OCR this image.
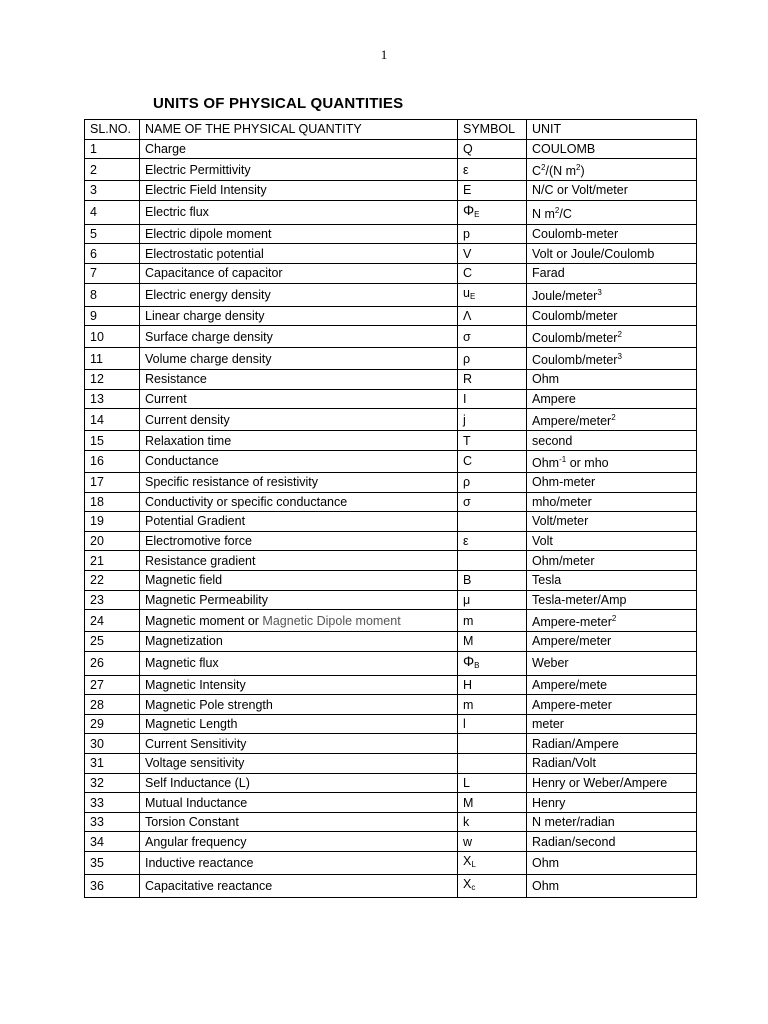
1
UNITS OF PHYSICAL QUANTITIES
SL.NO.	NAME OF THE PHYSICAL QUANTITY	SYMBOL	UNIT
1	Charge	Q	COULOMB
2	Electric Permittivity	ε	$C^2/(N$ $m^2$)
3	Electric Field Intensity	E	N/C or Volt/meter
4	Electric flux	$\Phi_E$	N $m^2/C$
5	Electric dipole moment	p	Coulomb-meter
6	Electrostatic potential	V	Volt or Joule/Coulomb
7	Capacitance of capacitor	C	Farad
8	Electric energy density	$u_E$	Joule/meter$^3$
9	Linear charge density	Λ	Coulomb/meter
10	Surface charge density	σ	Coulomb/meter$^2$
11	Volume charge density	ρ	Coulomb/meter$^3$
12	Resistance	R	Ohm
13	Current	I	Ampere
14	Current density	j	Ampere/meter$^2$
15	Relaxation time	T	second
16	Conductance	C	Ohm$^{-1}$ or mho
17	Specific resistance of resistivity	ρ	Ohm-meter
18	Conductivity or specific conductance	σ	mho/meter
19	Potential Gradient		Volt/meter
20	Electromotive force	ε	Volt
21	Resistance gradient		Ohm/meter
22	Magnetic field	B	Tesla
23	Magnetic Permeability	μ	Tesla-meter/Amp
24	Magnetic moment or Magnetic Dipole moment	m	Ampere-meter$^2$
25	Magnetization	M	Ampere/meter
26	Magnetic flux	$\Phi_B$	Weber
27	Magnetic Intensity	H	Ampere/mete
28	Magnetic Pole strength	m	Ampere-meter
29	Magnetic Length	l	meter
30	Current Sensitivity		Radian/Ampere
31	Voltage sensitivity		Radian/Volt
32	Self Inductance (L)	L	Henry or Weber/Ampere
33	Mutual Inductance	M	Henry
33	Torsion Constant	k	N meter/radian
34	Angular frequency	w	Radian/second
35	Inductive reactance	$X_L$	Ohm
36	Capacitative reactance	$X_c$	Ohm
